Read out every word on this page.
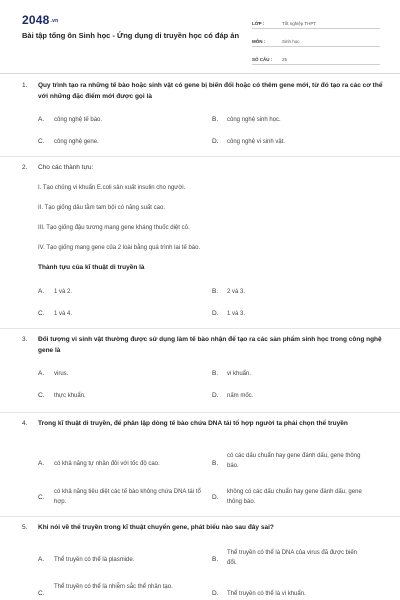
2048.vn
Bài tập tổng ôn Sinh học - Ứng dụng di truyền học có đáp án
LỚP :	Tốt nghiệp THPT
MÔN :	Sinh học
SỐ CÂU :	25
1. Quy trình tạo ra những tế bào hoặc sinh vật có gene bị biến đổi hoặc có thêm gene mới, từ đó tạo ra các cơ thể với những đặc điểm mới được gọi là
A. công nghệ tế bào.	B. công nghệ sinh học.
C. công nghệ gene.	D. công nghệ vi sinh vật.
2. Cho các thành tựu:
I. Tạo chủng vi khuẩn E.coli sản xuất insulin cho người.
II. Tạo giống dâu tằm tam bội có năng suất cao.
III. Tạo giống đậu tương mang gene kháng thuốc diệt cỏ.
IV. Tạo giống mang gene của 2 loài bằng quá trình lai tế bào.
Thành tựu của kĩ thuật di truyền là
A. 1 và 2.	B. 2 và 3.
C. 1 và 4.	D. 1 và 3.
3. Đối tượng vi sinh vật thường được sử dụng làm tế bào nhận để tạo ra các sản phẩm sinh học trong công nghệ gene là
A. virus.	B. vi khuẩn.
C. thực khuẩn.	D. nấm mốc.
4. Trong kĩ thuật di truyền, để phân lập dòng tế bào chứa DNA tái tổ hợp người ta phải chọn thể truyền
A. có khả năng tự nhân đôi với tốc độ cao.	B.
có các dấu chuẩn hay gene đánh dấu, gene thông báo.
C.
có khả năng tiêu diệt các tế bào không chứa DNA tái tổ hợp.
D.
không có các dấu chuẩn hay gene đánh dấu, gene thông báo.
5. Khi nói về thể truyền trong kĩ thuật chuyển gene, phát biểu nào sau đây sai?
A. Thể truyền có thể là plasmide.	B.
Thể truyền có thể là DNA của virus đã được biến đổi.
C.
Thể truyền có thể là nhiễm sắc thể nhân tạo.
D. Thể truyền có thể là vi khuẩn.
